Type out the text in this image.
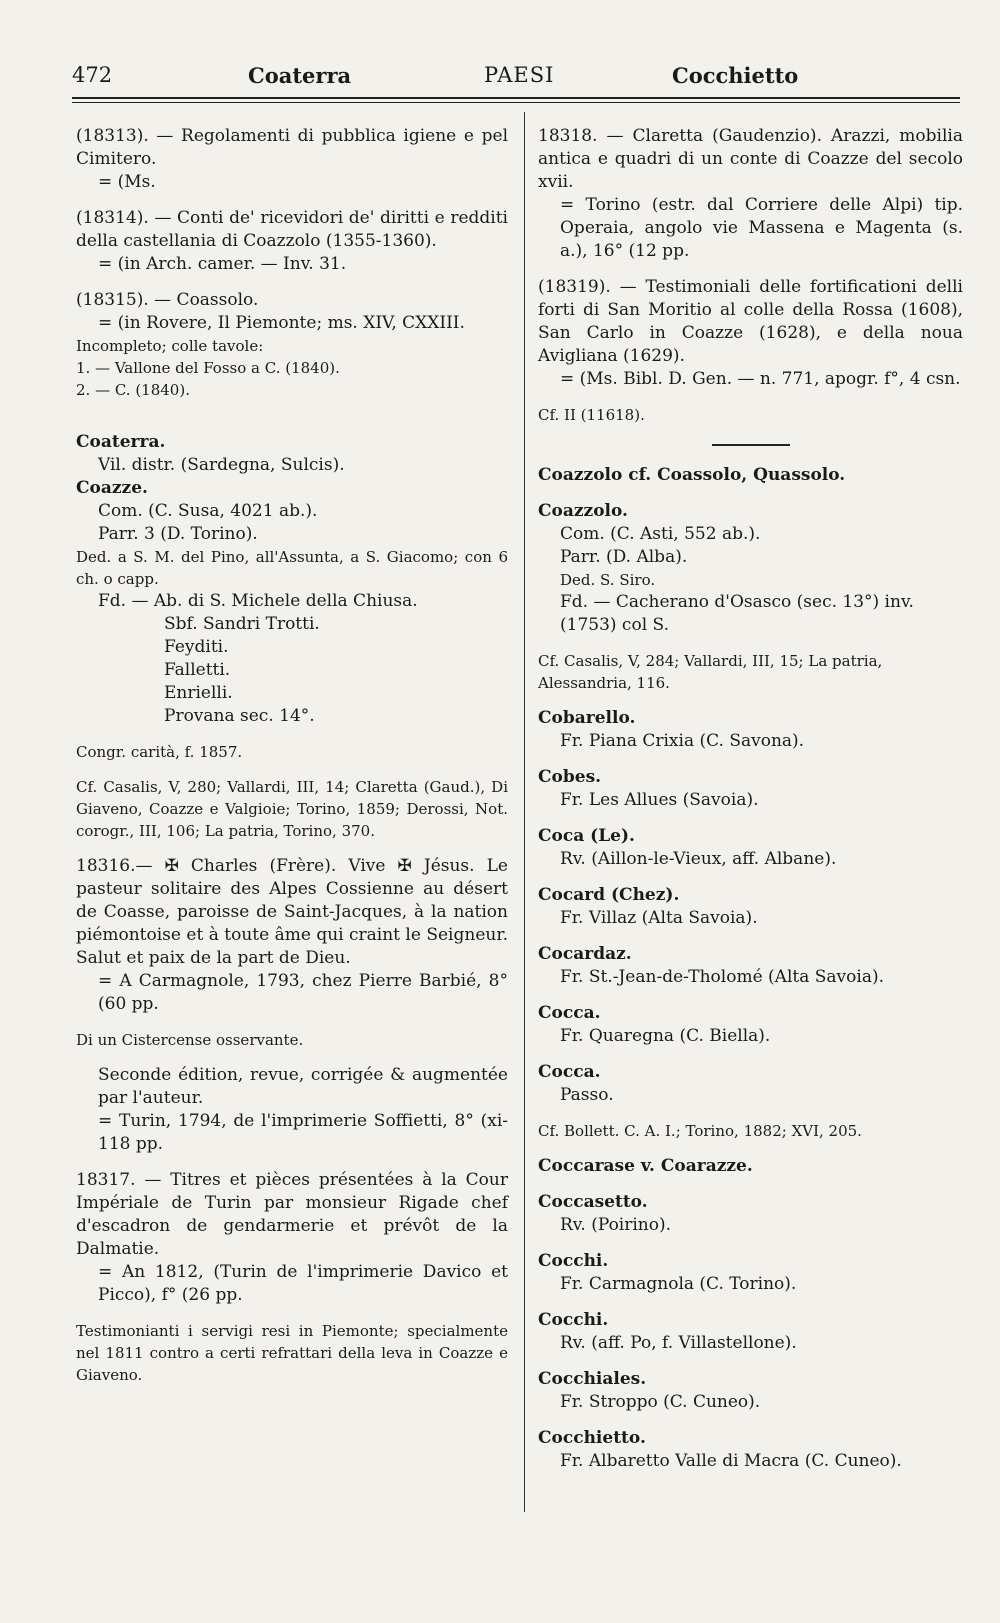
472	Coaterra	PAESI	Cocchietto

(18313). — Regolamenti di pubblica igiene e pel Cimitero.

= (Ms.

(18314). — Conti de' ricevidori de' diritti e redditi della castellania di Coazzolo (1355-1360).

= (in Arch. camer. — Inv. 31.

(18315). — Coassolo.

= (in Rovere, Il Piemonte; ms. XIV, CXXIII.

Incompleto; colle tavole:

1. — Vallone del Fosso a C. (1840).

2. — C. (1840).

Coaterra.

Vil. distr. (Sardegna, Sulcis).

Coazze.

Com. (C. Susa, 4021 ab.).

Parr. 3 (D. Torino).

Ded. a S. M. del Pino, all'Assunta, a S. Giacomo; con 6 ch. o capp.

Fd. — Ab. di S. Michele della Chiusa.

Sbf. Sandri Trotti.

Feyditi.

Falletti.

Enrielli.

Provana sec. 14°.

Congr. carità, f. 1857.

Cf. Casalis, V, 280; Vallardi, III, 14; Claretta (Gaud.), Di Giaveno, Coazze e Valgioie; Torino, 1859; Derossi, Not. corogr., III, 106; La patria, Torino, 370.

18316.— ✠ Charles (Frère). Vive ✠ Jésus. Le pasteur solitaire des Alpes Cossienne au désert de Coasse, paroisse de Saint-Jacques, à la nation piémontoise et à toute âme qui craint le Seigneur. Salut et paix de la part de Dieu.

= A Carmagnole, 1793, chez Pierre Barbié, 8° (60 pp.

Di un Cistercense osservante.

Seconde édition, revue, corrigée & augmentée par l'auteur.

= Turin, 1794, de l'imprimerie Soffietti, 8° (xi-118 pp.

18317. — Titres et pièces présentées à la Cour Impériale de Turin par monsieur Rigade chef d'escadron de gendarmerie et prévôt de la Dalmatie.

= An 1812, (Turin de l'imprimerie Davico et Picco), f° (26 pp.

Testimonianti i servigi resi in Piemonte; specialmente nel 1811 contro a certi refrattari della leva in Coazze e Giaveno.

18318. — Claretta (Gaudenzio). Arazzi, mobilia antica e quadri di un conte di Coazze del secolo xvii.

= Torino (estr. dal Corriere delle Alpi) tip. Operaia, angolo vie Massena e Magenta (s. a.), 16° (12 pp.

(18319). — Testimoniali delle fortificationi delli forti di San Moritio al colle della Rossa (1608), San Carlo in Coazze (1628), e della noua Avigliana (1629).

= (Ms. Bibl. D. Gen. — n. 771, apogr. f°, 4 csn.

Cf. II (11618).

Coazzolo cf. Coassolo, Quassolo.

Coazzolo.

Com. (C. Asti, 552 ab.).

Parr. (D. Alba).

Ded. S. Siro.

Fd. — Cacherano d'Osasco (sec. 13°) inv. (1753) col S.

Cf. Casalis, V, 284; Vallardi, III, 15; La patria, Alessandria, 116.

Cobarello.

Fr. Piana Crixia (C. Savona).

Cobes.

Fr. Les Allues (Savoia).

Coca (Le).

Rv. (Aillon-le-Vieux, aff. Albane).

Cocard (Chez).

Fr. Villaz (Alta Savoia).

Cocardaz.

Fr. St.-Jean-de-Tholomé (Alta Savoia).

Cocca.

Fr. Quaregna (C. Biella).

Cocca.

Passo.

Cf. Bollett. C. A. I.; Torino, 1882; XVI, 205.

Coccarase v. Coarazze.

Coccasetto.

Rv. (Poirino).

Cocchi.

Fr. Carmagnola (C. Torino).

Cocchi.

Rv. (aff. Po, f. Villastellone).

Cocchiales.

Fr. Stroppo (C. Cuneo).

Cocchietto.

Fr. Albaretto Valle di Macra (C. Cuneo).
